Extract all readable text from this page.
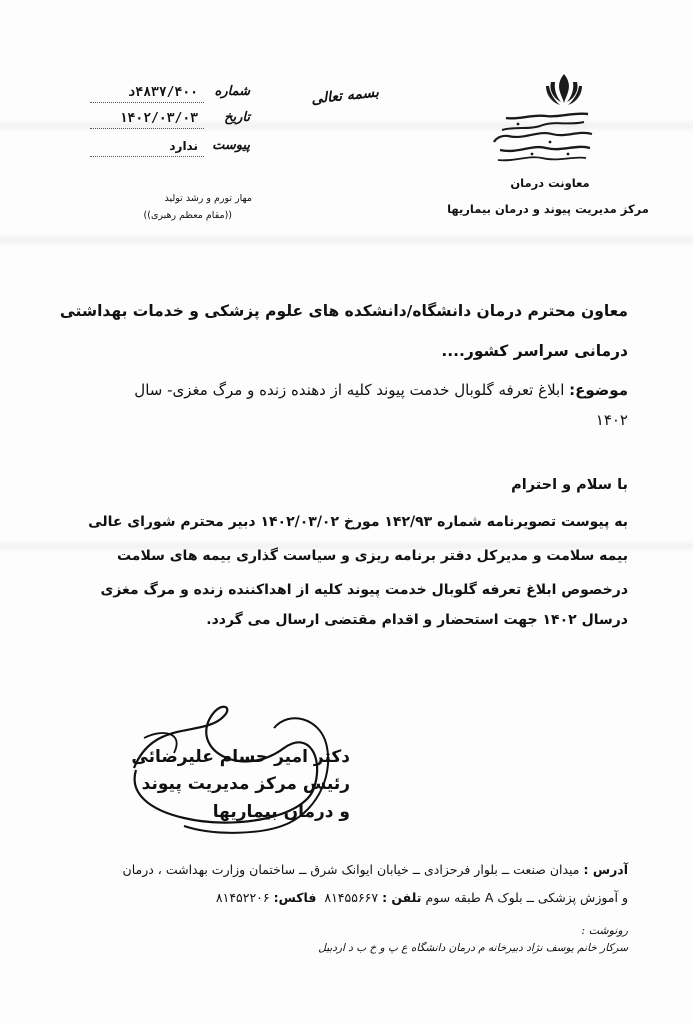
معاونت درمان
مرکز مدیریت پیوند و درمان بیماریها
بسمه تعالی
شماره
۴۸۳۷/۴۰۰د
تاریخ
۱۴۰۲/۰۳/۰۳
پیوست
ندارد
مهار تورم و رشد تولید
((مقام معظم رهبری))
معاون محترم درمان دانشگاه/دانشکده های علوم پزشکی و خدمات بهداشتی
درمانی سراسر کشور....
موضوع: ابلاغ تعرفه گلوبال خدمت پیوند کلیه از دهنده زنده و مرگ مغزی- سال
۱۴۰۲
با سلام و احترام
به پیوست تصویرنامه شماره ۱۴۲/۹۳ مورخ ۱۴۰۲/۰۳/۰۲ دبیر محترم شورای عالی
بیمه سلامت و مدیرکل دفتر برنامه ریزی و سیاست گذاری بیمه های سلامت
درخصوص ابلاغ تعرفه گلوبال خدمت پیوند کلیه از اهداکننده زنده و مرگ مغزی
درسال ۱۴۰۲ جهت استحضار و اقدام مقتضی ارسال می گردد.
دکتر امیر حسام علیرضائی
رئیس مرکز مدیریت پیوند
و درمان بیماریها
آدرس : میدان صنعت ــ بلوار فرحزادی ــ خیابان ایوانک شرق ــ ساختمان وزارت بهداشت ، درمان
و آموزش پزشکی ــ بلوک A طبقه سوم تلفن : ۸۱۴۵۵۶۶۷  فاکس: ۸۱۴۵۲۲۰۶
رونوشت :
سرکار خانم یوسف نژاد دبیرخانه م درمان دانشگاه ع پ و خ ب د اردبیل
